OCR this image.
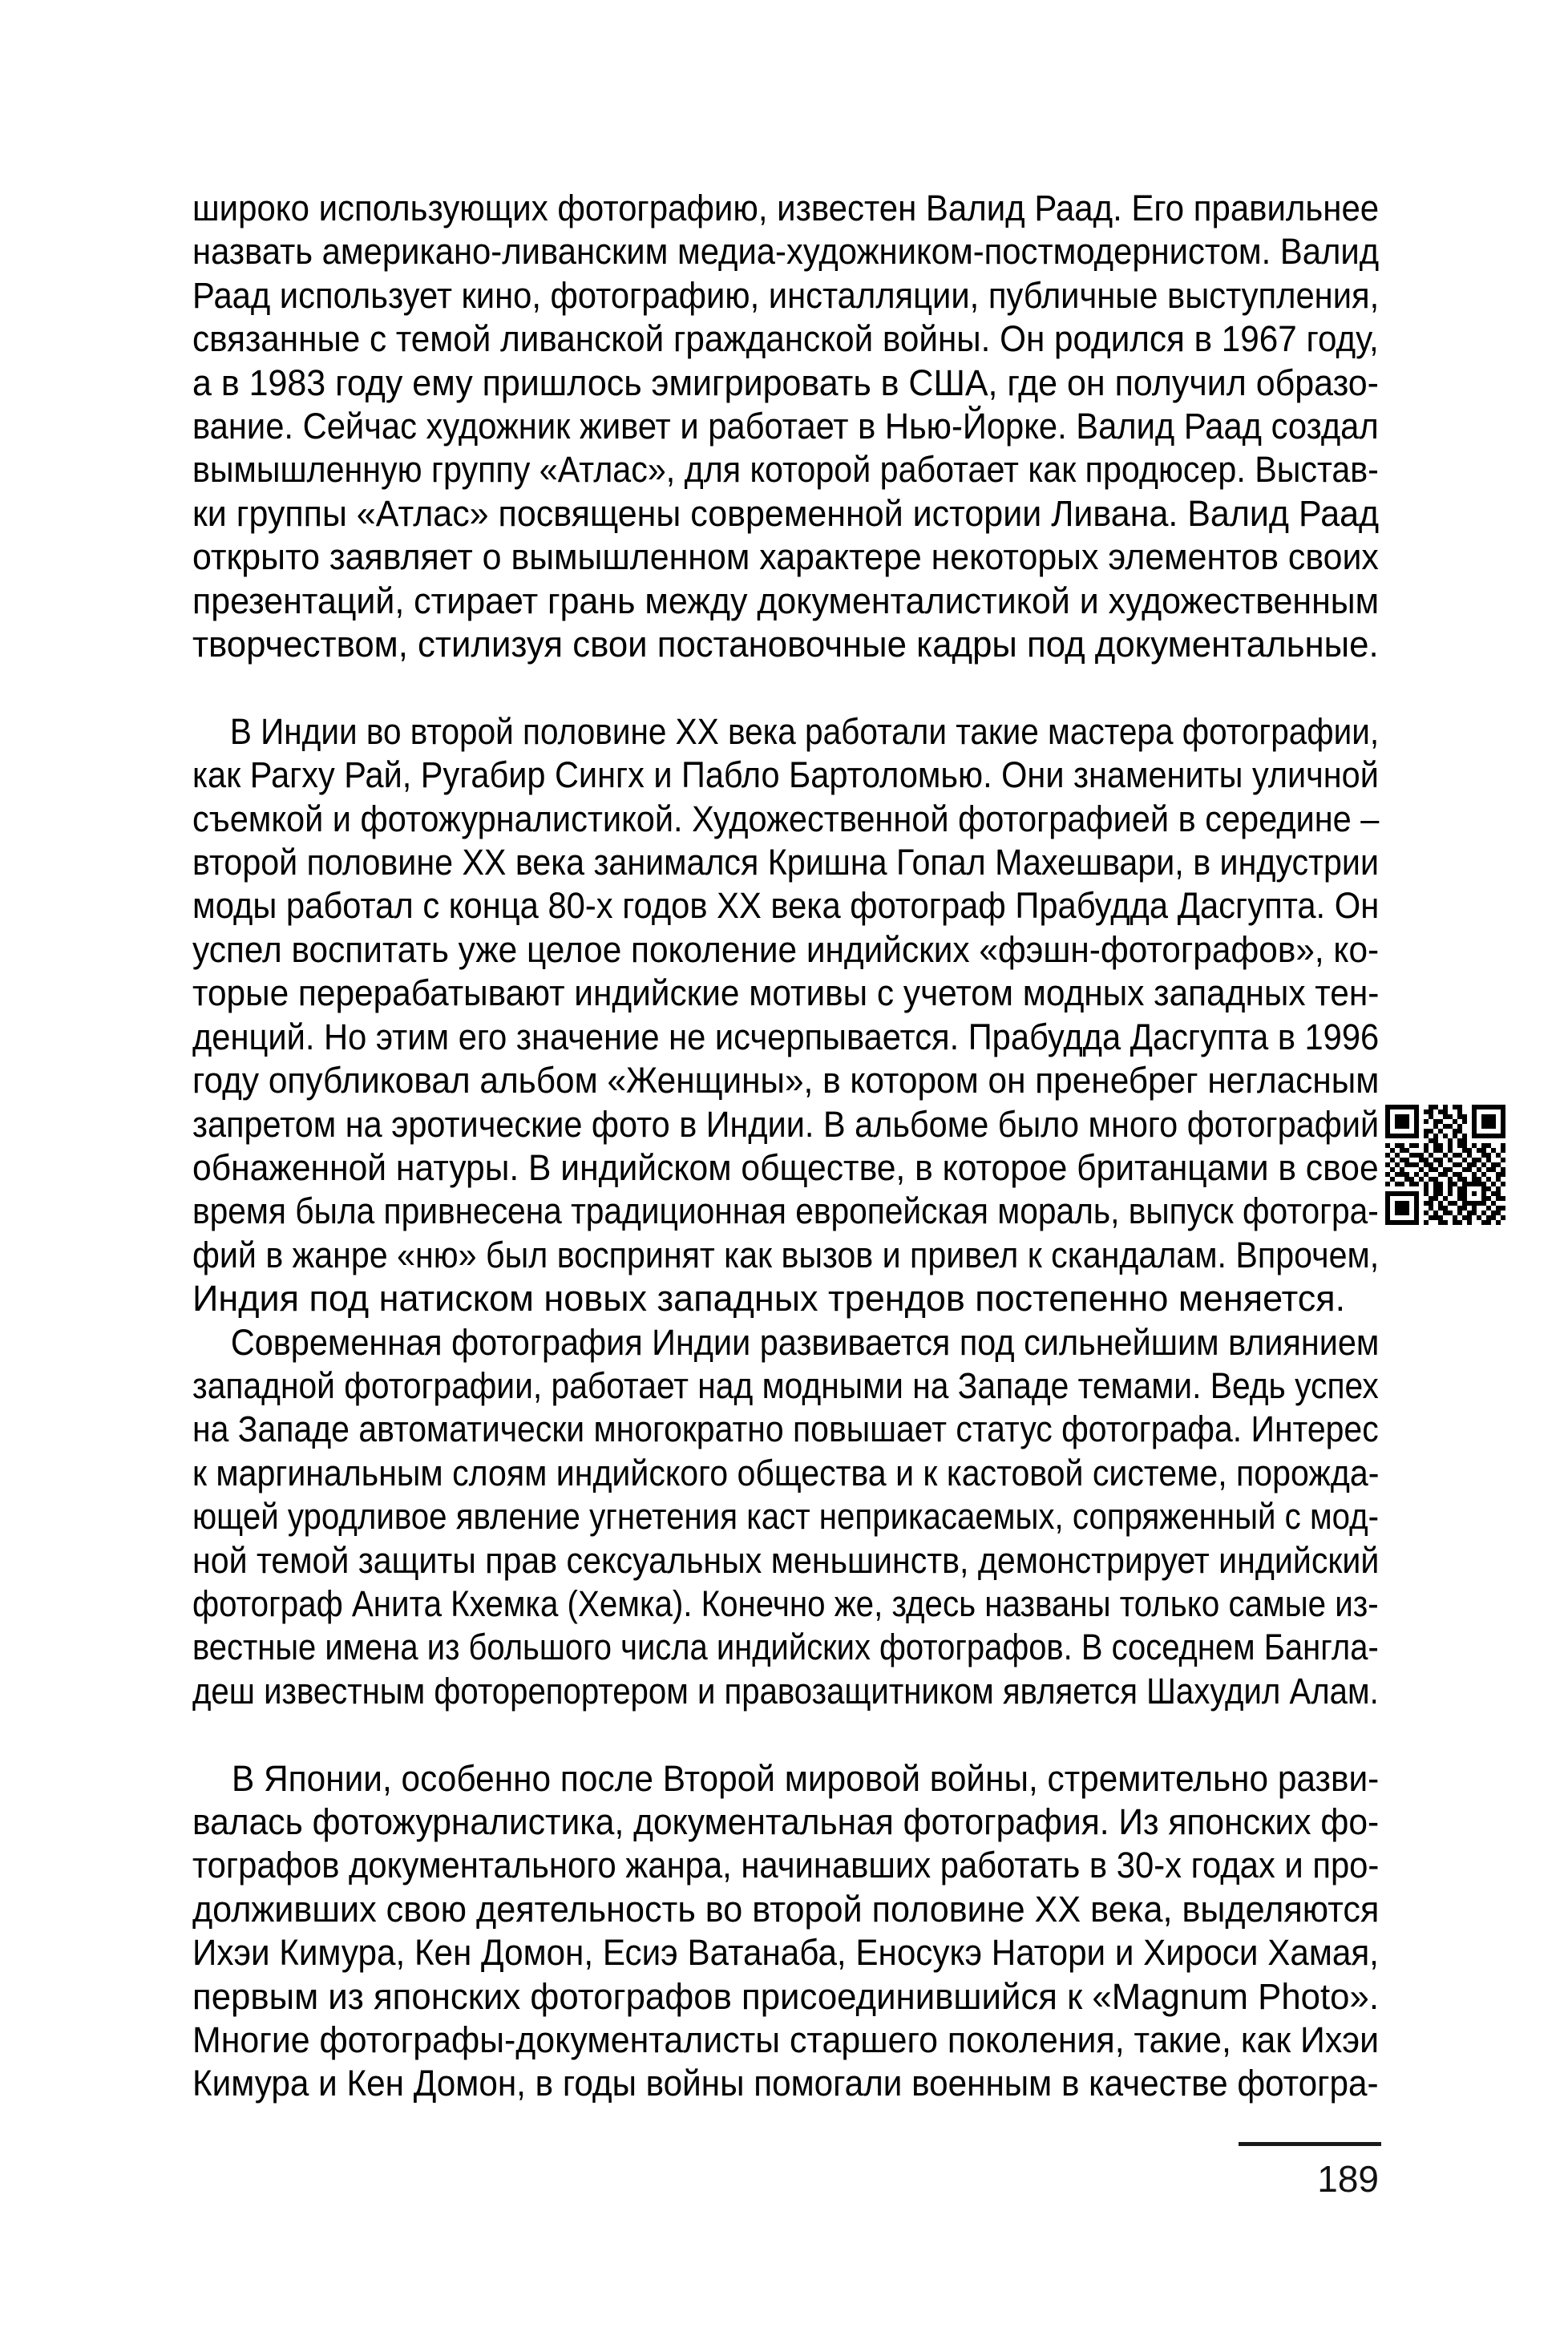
широко использующих фотографию, известен Валид Раад. Его правильнее
назвать американо-ливанским медиа-художником-постмодернистом. Валид
Раад использует кино, фотографию, инсталляции, публичные выступления,
связанные с темой ливанской гражданской войны. Он родился в 1967 году,
а в 1983 году ему пришлось эмигрировать в США, где он получил образо-
вание. Сейчас художник живет и работает в Нью-Йорке. Валид Раад создал
вымышленную группу «Атлас», для которой работает как продюсер. Выстав-
ки группы «Атлас» посвящены современной истории Ливана. Валид Раад
открыто заявляет о вымышленном характере некоторых элементов своих
презентаций, стирает грань между документалистикой и художественным
творчеством, стилизуя свои постановочные кадры под документальные.
В Индии во второй половине XX века работали такие мастера фотографии,
как Рагху Рай, Ругабир Сингх и Пабло Бартоломью. Они знамениты уличной
съемкой и фотожурналистикой. Художественной фотографией в середине –
второй половине XX века занимался Кришна Гопал Махешвари, в индустрии
моды работал с конца 80-х годов XX века фотограф Прабудда Дасгупта. Он
успел воспитать уже целое поколение индийских «фэшн-фотографов», ко-
торые перерабатывают индийские мотивы с учетом модных западных тен-
денций. Но этим его значение не исчерпывается. Прабудда Дасгупта в 1996
году опубликовал альбом «Женщины», в котором он пренебрег негласным
запретом на эротические фото в Индии. В альбоме было много фотографий
обнаженной натуры. В индийском обществе, в которое британцами в свое
время была привнесена традиционная европейская мораль, выпуск фотогра-
фий в жанре «ню» был воспринят как вызов и привел к скандалам. Впрочем,
Индия под натиском новых западных трендов постепенно меняется.
Современная фотография Индии развивается под сильнейшим влиянием
западной фотографии, работает над модными на Западе темами. Ведь успех
на Западе автоматически многократно повышает статус фотографа. Интерес
к маргинальным слоям индийского общества и к кастовой системе, порожда-
ющей уродливое явление угнетения каст неприкасаемых, сопряженный с мод-
ной темой защиты прав сексуальных меньшинств, демонстрирует индийский
фотограф Анита Кхемка (Хемка). Конечно же, здесь названы только самые из-
вестные имена из большого числа индийских фотографов. В соседнем Бангла-
деш известным фоторепортером и правозащитником является Шахудил Алам.
В Японии, особенно после Второй мировой войны, стремительно разви-
валась фотожурналистика, документальная фотография. Из японских фо-
тографов документального жанра, начинавших работать в 30-х годах и про-
долживших свою деятельность во второй половине XX века, выделяются
Ихэи Кимура, Кен Домон, Есиэ Ватанаба, Еносукэ Натори и Хироси Хамая,
первым из японских фотографов присоединившийся к «Magnum Photo».
Многие фотографы-документалисты старшего поколения, такие, как Ихэи
Кимура и Кен Домон, в годы войны помогали военным в качестве фотогра-
189
